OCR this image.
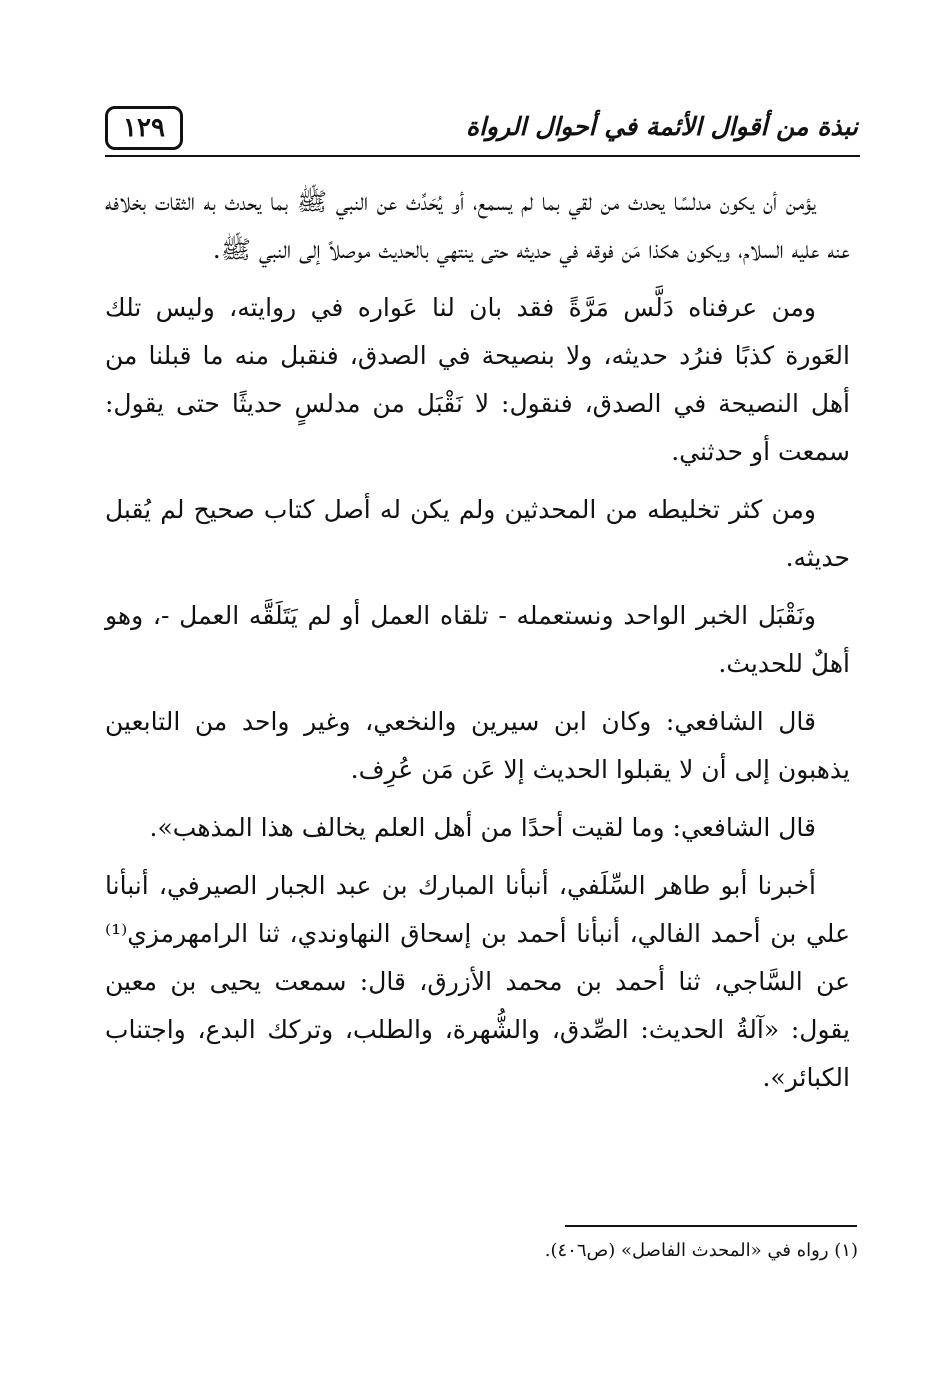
١٢٩	نبذة من أقوال الأئمة في أحوال الرواة

يؤمن أن يكون مدلسًا يحدث من لقي بما لم يسمع، أو يُحَدِّث عن النبي ﷺ بما يحدث به الثقات بخلافه عنه عليه السلام، ويكون هكذا مَن فوقه في حديثه حتى ينتهي بالحديث موصلاً إلى النبي ﷺ.

ومن عرفناه دَلَّس مَرَّةً فقد بان لنا عَواره في روايته، وليس تلك العَورة كذبًا فنرُد حديثه، ولا بنصيحة في الصدق، فنقبل منه ما قبلنا من أهل النصيحة في الصدق، فنقول: لا نَقْبَل من مدلسٍ حديثًا حتى يقول: سمعت أو حدثني.

ومن كثر تخليطه من المحدثين ولم يكن له أصل كتاب صحيح لم يُقبل حديثه.

ونَقْبَل الخبر الواحد ونستعمله - تلقاه العمل أو لم يَتَلَقَّه العمل -، وهو أهلٌ للحديث.

قال الشافعي: وكان ابن سيرين والنخعي، وغير واحد من التابعين يذهبون إلى أن لا يقبلوا الحديث إلا عَن مَن عُرِف.

قال الشافعي: وما لقيت أحدًا من أهل العلم يخالف هذا المذهب».

أخبرنا أبو طاهر السِّلَفي، أنبأنا المبارك بن عبد الجبار الصيرفي، أنبأنا علي بن أحمد الفالي، أنبأنا أحمد بن إسحاق النهاوندي، ثنا الرامهرمزي⁽¹⁾ عن السَّاجي، ثنا أحمد بن محمد الأزرق، قال: سمعت يحيى بن معين يقول: «آلةُ الحديث: الصِّدق، والشُّهرة، والطلب، وتركك البدع، واجتناب الكبائر».

(١) رواه في «المحدث الفاصل» (ص٤٠٦).
